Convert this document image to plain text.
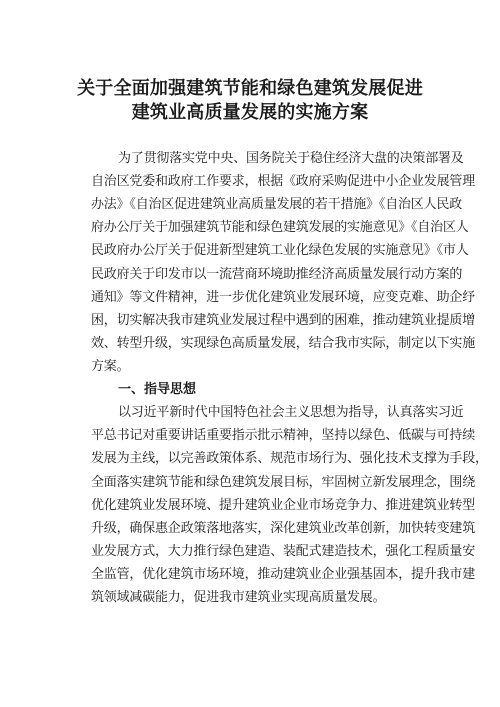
关于全面加强建筑节能和绿色建筑发展促进
建筑业高质量发展的实施方案
为了贯彻落实党中央、国务院关于稳住经济大盘的决策部署及
自治区党委和政府工作要求，根据《政府采购促进中小企业发展管理
办法》《自治区促进建筑业高质量发展的若干措施》《自治区人民政
府办公厅关于加强建筑节能和绿色建筑发展的实施意见》《自治区人
民政府办公厅关于促进新型建筑工业化绿色发展的实施意见》《市人
民政府关于印发市以一流营商环境助推经济高质量发展行动方案的
通知》等文件精神，进一步优化建筑业发展环境，应变克难、助企纾
困，切实解决我市建筑业发展过程中遇到的困难，推动建筑业提质增
效、转型升级，实现绿色高质量发展，结合我市实际，制定以下实施
方案。
一、指导思想
以习近平新时代中国特色社会主义思想为指导，认真落实习近
平总书记对重要讲话重要指示批示精神，坚持以绿色、低碳与可持续
发展为主线，以完善政策体系、规范市场行为、强化技术支撑为手段，
全面落实建筑节能和绿色建筑发展目标，牢固树立新发展理念，围绕
优化建筑业发展环境、提升建筑业企业市场竞争力、推进建筑业转型
升级，确保惠企政策落地落实，深化建筑业改革创新，加快转变建筑
业发展方式，大力推行绿色建造、装配式建造技术，强化工程质量安
全监管，优化建筑市场环境，推动建筑业企业强基固本，提升我市建
筑领域减碳能力，促进我市建筑业实现高质量发展。
